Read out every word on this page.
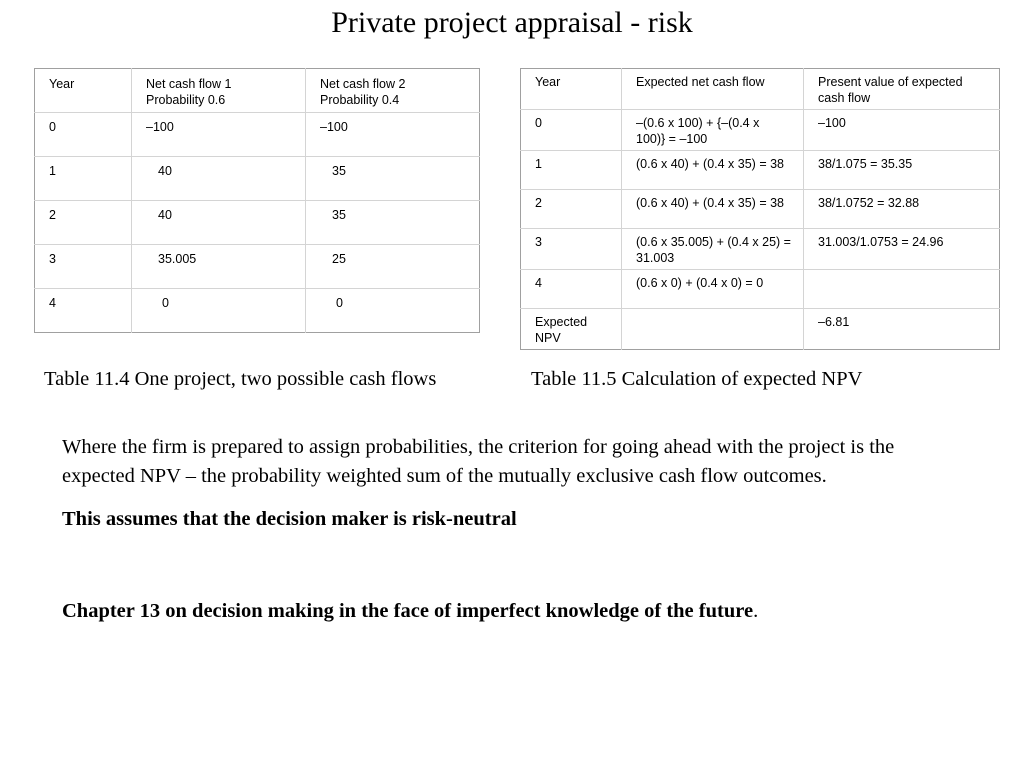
Private project appraisal - risk
Year	Net cash flow 1 Probability 0.6	Net cash flow 2 Probability 0.4
0	–100	–100
1	40	35
2	40	35
3	35.005	25
4	0	0
Year	Expected net cash flow	Present value of expected cash flow
0	–(0.6 x 100) + {–(0.4 x 100)} = –100	–100
1	(0.6 x 40) + (0.4 x 35) = 38	38/1.075 = 35.35
2	(0.6 x 40) + (0.4 x 35) = 38	38/1.0752 = 32.88
3	(0.6 x 35.005) + (0.4 x 25) = 31.003	31.003/1.0753 = 24.96
4	(0.6 x 0) + (0.4 x 0) = 0	
Expected NPV		–6.81
Table 11.4 One project, two possible cash flows	Table 11.5 Calculation of expected NPV

Where the firm is prepared to assign probabilities, the criterion for going ahead with the project is the expected NPV – the probability weighted sum of the mutually exclusive cash flow outcomes.

This assumes that the decision maker is risk-neutral

Chapter 13 on decision making in the face of imperfect knowledge of the future.
